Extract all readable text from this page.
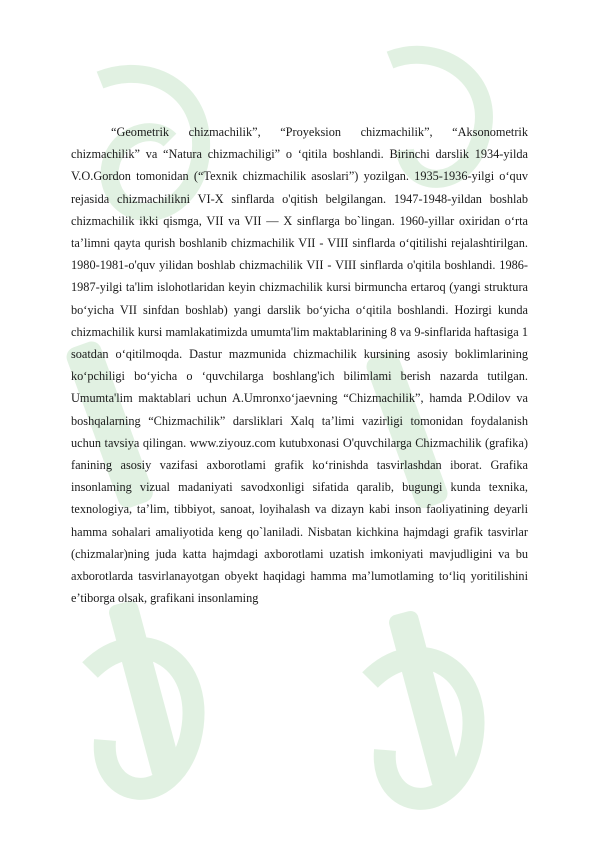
“Geometrik chizmachilik”, “Proyeksion chizmachilik”, “Aksonometrik chizmachilik” va “Natura chizmachiligi” o ‘qitila boshlandi. Birinchi darslik 1934-yilda V.O.Gordon tomonidan (“Texnik chizmachilik asoslari”) yozilgan. 1935-1936-yilgi o‘quv rejasida chizmachilikni VI-X sinflarda o'qitish belgilangan. 1947-1948-yildan boshlab chizmachilik ikki qismga, VII va VII — X sinflarga bo`lingan. 1960-yillar oxiridan o‘rta ta’limni qayta qurish boshlanib chizmachilik VII - VIII sinflarda o‘qitilishi rejalashtirilgan. 1980-1981-o'quv yilidan boshlab chizmachilik VII - VIII sinflarda o'qitila boshlandi. 1986-1987-yilgi ta'lim islohotlaridan keyin chizmachilik kursi birmuncha ertaroq (yangi struktura bo‘yicha VII sinfdan boshlab) yangi darslik bo‘yicha o‘qitila boshlandi. Hozirgi kunda chizmachilik kursi mamlakatimizda umumta'lim maktablarining 8 va 9-sinflarida haftasiga 1 soatdan o‘qitilmoqda. Dastur mazmunida chizmachilik kursining asosiy boklimlarining ko‘pchiligi bo‘yicha o ‘quvchilarga boshlang'ich bilimlami berish nazarda tutilgan. Umumta'lim maktablari uchun A.Umronxo‘jaevning “Chizmachilik”, hamda P.Odilov va boshqalarning “Chizmachilik” darsliklari Xalq ta’limi vazirligi tomonidan foydalanish uchun tavsiya qilingan. www.ziyouz.com kutubxonasi O'quvchilarga Chizmachilik (grafika) fanining asosiy vazifasi axborotlami grafik ko‘rinishda tasvirlashdan iborat. Grafika insonlaming vizual madaniyati savodxonligi sifatida qaralib, bugungi kunda texnika, texnologiya, ta’lim, tibbiyot, sanoat, loyihalash va dizayn kabi inson faoliyatining deyarli hamma sohalari amaliyotida keng qo`laniladi. Nisbatan kichkina hajmdagi grafik tasvirlar (chizmalar)ning juda katta hajmdagi axborotlami uzatish imkoniyati mavjudligini va bu axborotlarda tasvirlanayotgan obyekt haqidagi hamma ma’lumotlaming to‘liq yoritilishini e’tiborga olsak, grafikani insonlaming
